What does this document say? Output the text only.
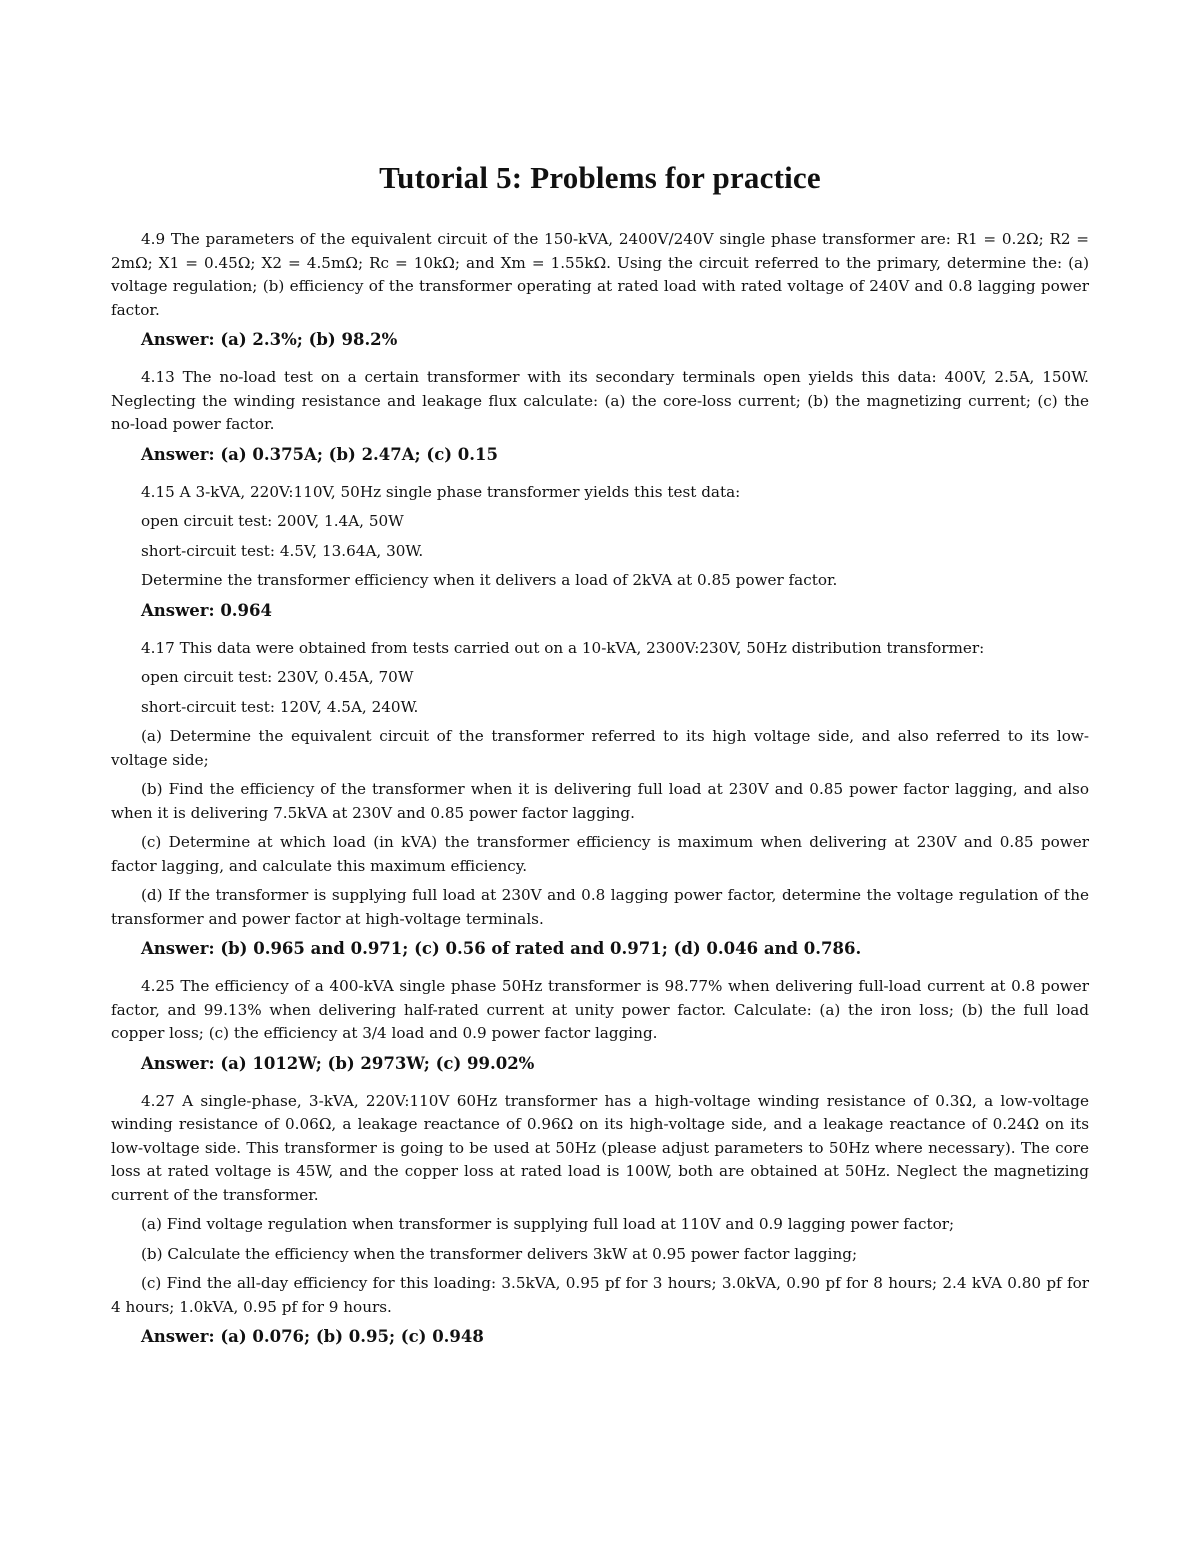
Tutorial 5: Problems for practice

4.9 The parameters of the equivalent circuit of the 150-kVA, 2400V/240V single phase transformer are: R1 = 0.2Ω; R2 = 2mΩ; X1 = 0.45Ω; X2 = 4.5mΩ; Rc = 10kΩ; and Xm = 1.55kΩ. Using the circuit referred to the primary, determine the: (a) voltage regulation; (b) efficiency of the transformer operating at rated load with rated voltage of 240V and 0.8 lagging power factor.

Answer: (a) 2.3%; (b) 98.2%

4.13 The no-load test on a certain transformer with its secondary terminals open yields this data: 400V, 2.5A, 150W. Neglecting the winding resistance and leakage flux calculate: (a) the core-loss current; (b) the magnetizing current; (c) the no-load power factor.

Answer: (a) 0.375A; (b) 2.47A; (c) 0.15

4.15 A 3-kVA, 220V:110V, 50Hz single phase transformer yields this test data:

open circuit test: 200V, 1.4A, 50W

short-circuit test: 4.5V, 13.64A, 30W.

Determine the transformer efficiency when it delivers a load of 2kVA at 0.85 power factor.

Answer: 0.964

4.17 This data were obtained from tests carried out on a 10-kVA, 2300V:230V, 50Hz distribution transformer:

open circuit test: 230V, 0.45A, 70W

short-circuit test: 120V, 4.5A, 240W.

(a) Determine the equivalent circuit of the transformer referred to its high voltage side, and also referred to its low-voltage side;

(b) Find the efficiency of the transformer when it is delivering full load at 230V and 0.85 power factor lagging, and also when it is delivering 7.5kVA at 230V and 0.85 power factor lagging.

(c) Determine at which load (in kVA) the transformer efficiency is maximum when delivering at 230V and 0.85 power factor lagging, and calculate this maximum efficiency.

(d) If the transformer is supplying full load at 230V and 0.8 lagging power factor, determine the voltage regulation of the transformer and power factor at high-voltage terminals.

Answer: (b) 0.965 and 0.971; (c) 0.56 of rated and 0.971; (d) 0.046 and 0.786.

4.25 The efficiency of a 400-kVA single phase 50Hz transformer is 98.77% when delivering full-load current at 0.8 power factor, and 99.13% when delivering half-rated current at unity power factor. Calculate: (a) the iron loss; (b) the full load copper loss; (c) the efficiency at 3/4 load and 0.9 power factor lagging.

Answer: (a) 1012W; (b) 2973W; (c) 99.02%

4.27 A single-phase, 3-kVA, 220V:110V 60Hz transformer has a high-voltage winding resistance of 0.3Ω, a low-voltage winding resistance of 0.06Ω, a leakage reactance of 0.96Ω on its high-voltage side, and a leakage reactance of 0.24Ω on its low-voltage side. This transformer is going to be used at 50Hz (please adjust parameters to 50Hz where necessary). The core loss at rated voltage is 45W, and the copper loss at rated load is 100W, both are obtained at 50Hz. Neglect the magnetizing current of the transformer.

(a) Find voltage regulation when transformer is supplying full load at 110V and 0.9 lagging power factor;

(b) Calculate the efficiency when the transformer delivers 3kW at 0.95 power factor lagging;

(c) Find the all-day efficiency for this loading: 3.5kVA, 0.95 pf for 3 hours; 3.0kVA, 0.90 pf for 8 hours; 2.4 kVA 0.80 pf for 4 hours; 1.0kVA, 0.95 pf for 9 hours.

Answer: (a) 0.076; (b) 0.95; (c) 0.948
